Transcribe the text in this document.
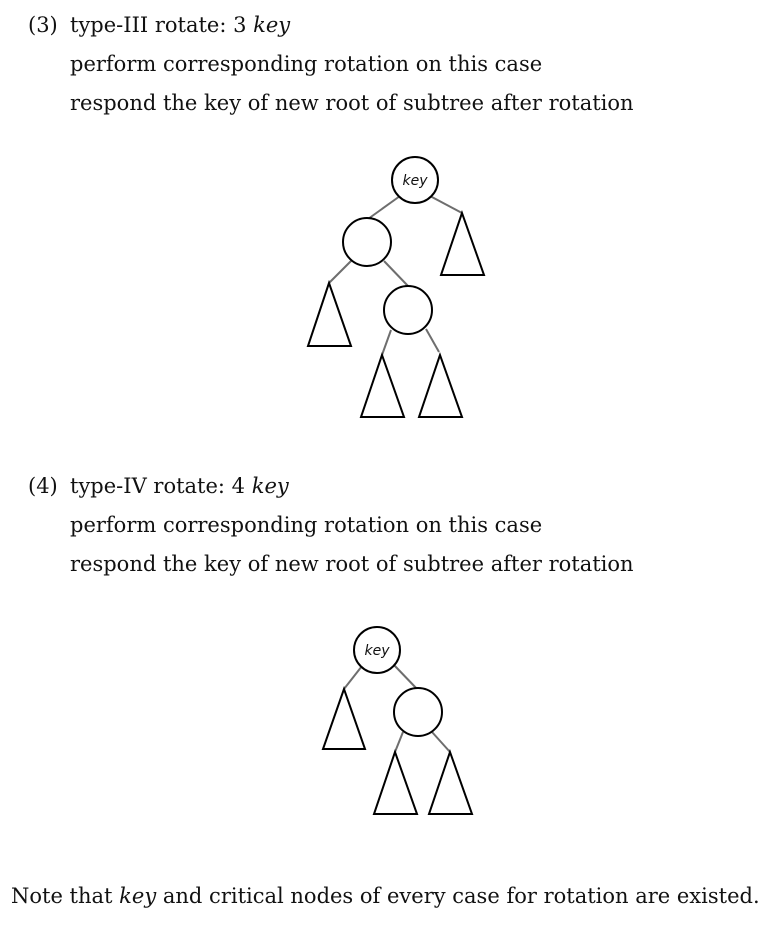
(3) type-III rotate: 3 key
perform corresponding rotation on this case
respond the key of new root of subtree after rotation
key
(4) type-IV rotate: 4 key
perform corresponding rotation on this case
respond the key of new root of subtree after rotation
key
Note that key and critical nodes of every case for rotation are existed.
